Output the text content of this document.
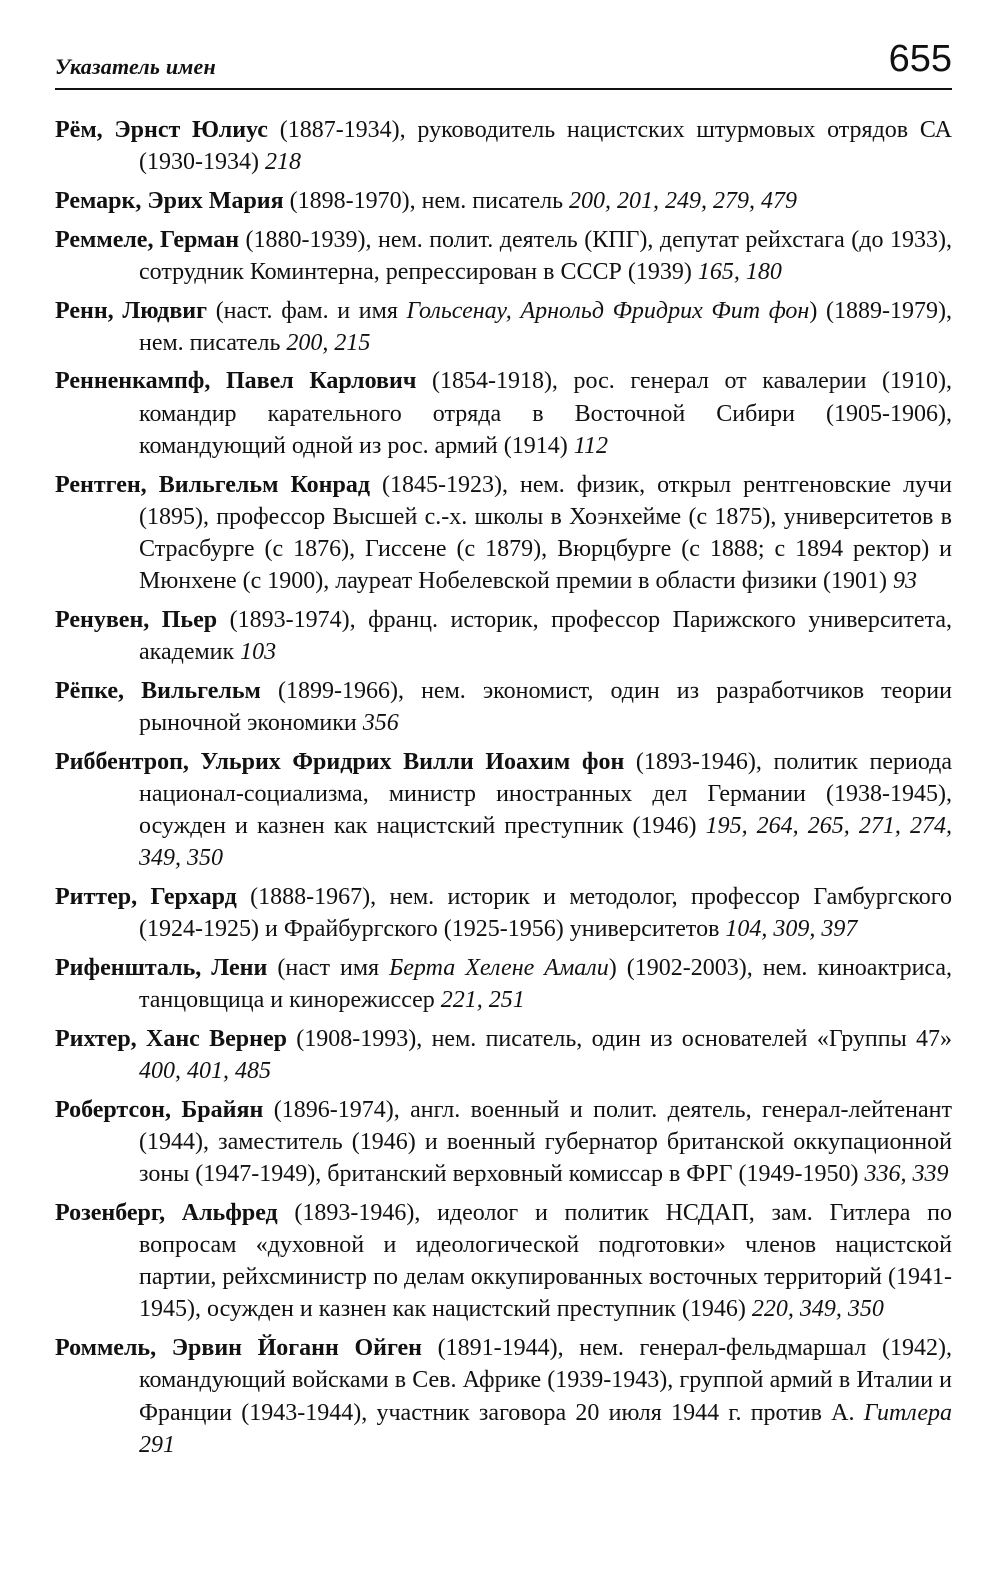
Указатель имен	655

Рём, Эрнст Юлиус (1887-1934), руководитель нацистских штурмовых отрядов СА (1930-1934) 218

Ремарк, Эрих Мария (1898-1970), нем. писатель 200, 201, 249, 279, 479

Реммеле, Герман (1880-1939), нем. полит. деятель (КПГ), депутат рейхстага (до 1933), сотрудник Коминтерна, репрессирован в СССР (1939) 165, 180

Ренн, Людвиг (наст. фам. и имя Гольсенау, Арнольд Фридрих Фит фон) (1889-1979), нем. писатель 200, 215

Ренненкампф, Павел Карлович (1854-1918), рос. генерал от кавалерии (1910), командир карательного отряда в Восточной Сибири (1905-1906), командующий одной из рос. армий (1914) 112

Рентген, Вильгельм Конрад (1845-1923), нем. физик, открыл рентгеновские лучи (1895), профессор Высшей с.-х. школы в Хоэнхейме (с 1875), университетов в Страсбурге (с 1876), Гиссене (с 1879), Вюрцбурге (с 1888; с 1894 ректор) и Мюнхене (с 1900), лауреат Нобелевской премии в области физики (1901) 93

Ренувен, Пьер (1893-1974), франц. историк, профессор Парижского университета, академик 103

Рёпке, Вильгельм (1899-1966), нем. экономист, один из разработчиков теории рыночной экономики 356

Риббентроп, Ульрих Фридрих Вилли Иоахим фон (1893-1946), политик периода национал-социализма, министр иностранных дел Германии (1938-1945), осужден и казнен как нацистский преступник (1946) 195, 264, 265, 271, 274, 349, 350

Риттер, Герхард (1888-1967), нем. историк и методолог, профессор Гамбургского (1924-1925) и Фрайбургского (1925-1956) университетов 104, 309, 397

Рифеншталь, Лени (наст имя Берта Хелене Амали) (1902-2003), нем. киноактриса, танцовщица и кинорежиссер 221, 251

Рихтер, Ханс Вернер (1908-1993), нем. писатель, один из основателей «Группы 47» 400, 401, 485

Робертсон, Брайян (1896-1974), англ. военный и полит. деятель, генерал-лейтенант (1944), заместитель (1946) и военный губернатор британской оккупационной зоны (1947-1949), британский верховный комиссар в ФРГ (1949-1950) 336, 339

Розенберг, Альфред (1893-1946), идеолог и политик НСДАП, зам. Гитлера по вопросам «духовной и идеологической подготовки» членов нацистской партии, рейхсминистр по делам оккупированных восточных территорий (1941-1945), осужден и казнен как нацистский преступник (1946) 220, 349, 350

Роммель, Эрвин Йоганн Ойген (1891-1944), нем. генерал-фельдмаршал (1942), командующий войсками в Сев. Африке (1939-1943), группой армий в Италии и Франции (1943-1944), участник заговора 20 июля 1944 г. против А. Гитлера 291
